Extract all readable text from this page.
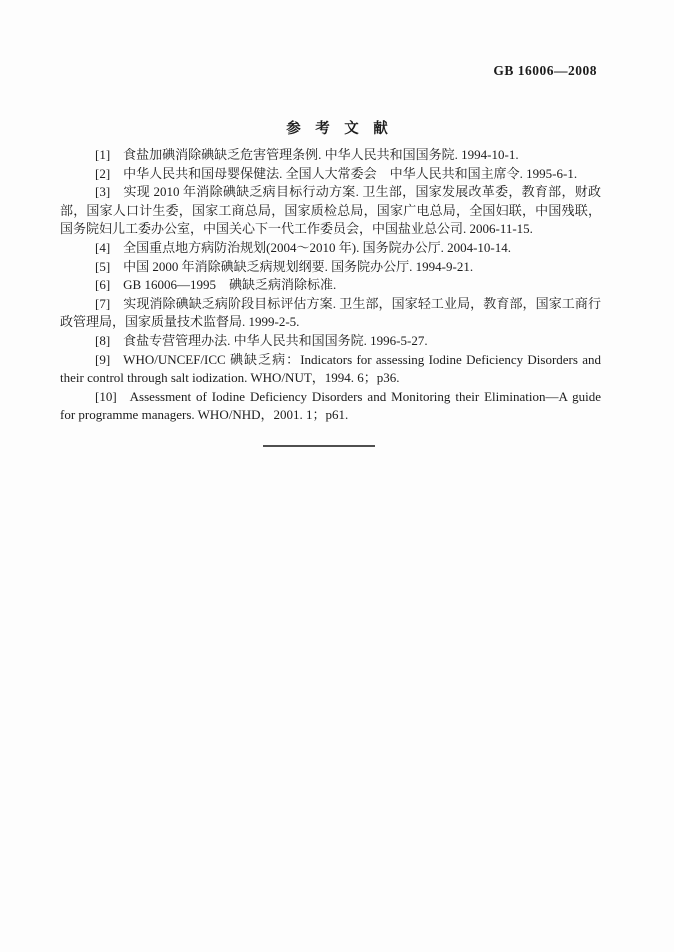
GB 16006—2008
参　考　文　献

[1] 食盐加碘消除碘缺乏危害管理条例. 中华人民共和国国务院. 1994-10-1.

[2] 中华人民共和国母婴保健法. 全国人大常委会　中华人民共和国主席令. 1995-6-1.

[3] 实现 2010 年消除碘缺乏病目标行动方案. 卫生部，国家发展改革委，教育部，财政部，国家人口计生委，国家工商总局，国家质检总局，国家广电总局，全国妇联，中国残联，国务院妇儿工委办公室，中国关心下一代工作委员会，中国盐业总公司. 2006-11-15.

[4] 全国重点地方病防治规划(2004～2010 年). 国务院办公厅. 2004-10-14.

[5] 中国 2000 年消除碘缺乏病规划纲要. 国务院办公厅. 1994-9-21.

[6] GB 16006—1995　碘缺乏病消除标准.

[7] 实现消除碘缺乏病阶段目标评估方案. 卫生部，国家轻工业局，教育部，国家工商行政管理局，国家质量技术监督局. 1999-2-5.

[8] 食盐专营管理办法. 中华人民共和国国务院. 1996-5-27.

[9] WHO/UNCEF/ICC 碘缺乏病：Indicators for assessing Iodine Deficiency Disorders and their control through salt iodization. WHO/NUT，1994. 6；p36.

[10] Assessment of Iodine Deficiency Disorders and Monitoring their Elimination—A guide for programme managers. WHO/NHD，2001. 1；p61.
